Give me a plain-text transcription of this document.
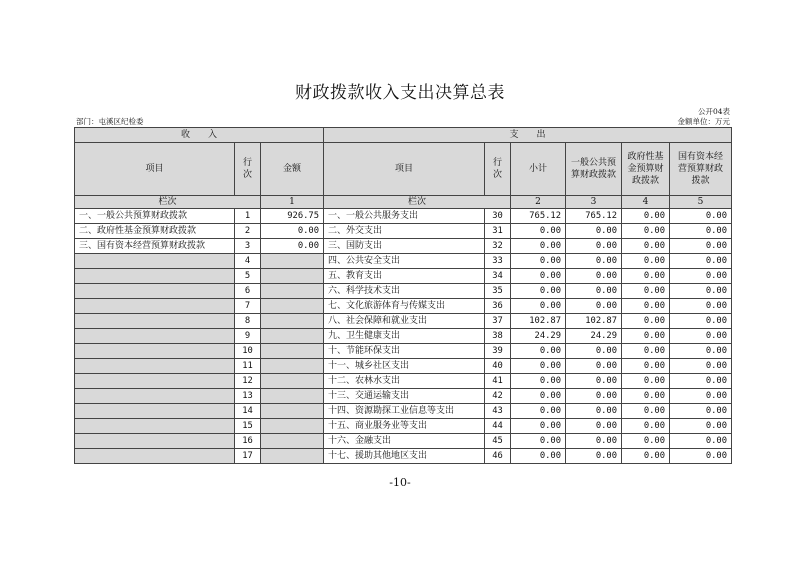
财政拨款收入支出决算总表
公开04表
部门：屯溪区纪检委	金额单位：万元
收　　入			支　　出					
项目	行次	金额	项目	行次	小计	一般公共预算财政拨款	政府性基金预算财政拨款	国有资本经营预算财政拨款
栏次		1	栏次		2	3	4	5
一、一般公共预算财政拨款	1	926.75	一、一般公共服务支出	30	765.12	765.12	0.00	0.00
二、政府性基金预算财政拨款	2	0.00	二、外交支出	31	0.00	0.00	0.00	0.00
三、国有资本经营预算财政拨款	3	0.00	三、国防支出	32	0.00	0.00	0.00	0.00
	4		四、公共安全支出	33	0.00	0.00	0.00	0.00
	5		五、教育支出	34	0.00	0.00	0.00	0.00
	6		六、科学技术支出	35	0.00	0.00	0.00	0.00
	7		七、文化旅游体育与传媒支出	36	0.00	0.00	0.00	0.00
	8		八、社会保障和就业支出	37	102.87	102.87	0.00	0.00
	9		九、卫生健康支出	38	24.29	24.29	0.00	0.00
	10		十、节能环保支出	39	0.00	0.00	0.00	0.00
	11		十一、城乡社区支出	40	0.00	0.00	0.00	0.00
	12		十二、农林水支出	41	0.00	0.00	0.00	0.00
	13		十三、交通运输支出	42	0.00	0.00	0.00	0.00
	14		十四、资源勘探工业信息等支出	43	0.00	0.00	0.00	0.00
	15		十五、商业服务业等支出	44	0.00	0.00	0.00	0.00
	16		十六、金融支出	45	0.00	0.00	0.00	0.00
	17		十七、援助其他地区支出	46	0.00	0.00	0.00	0.00
-10-
